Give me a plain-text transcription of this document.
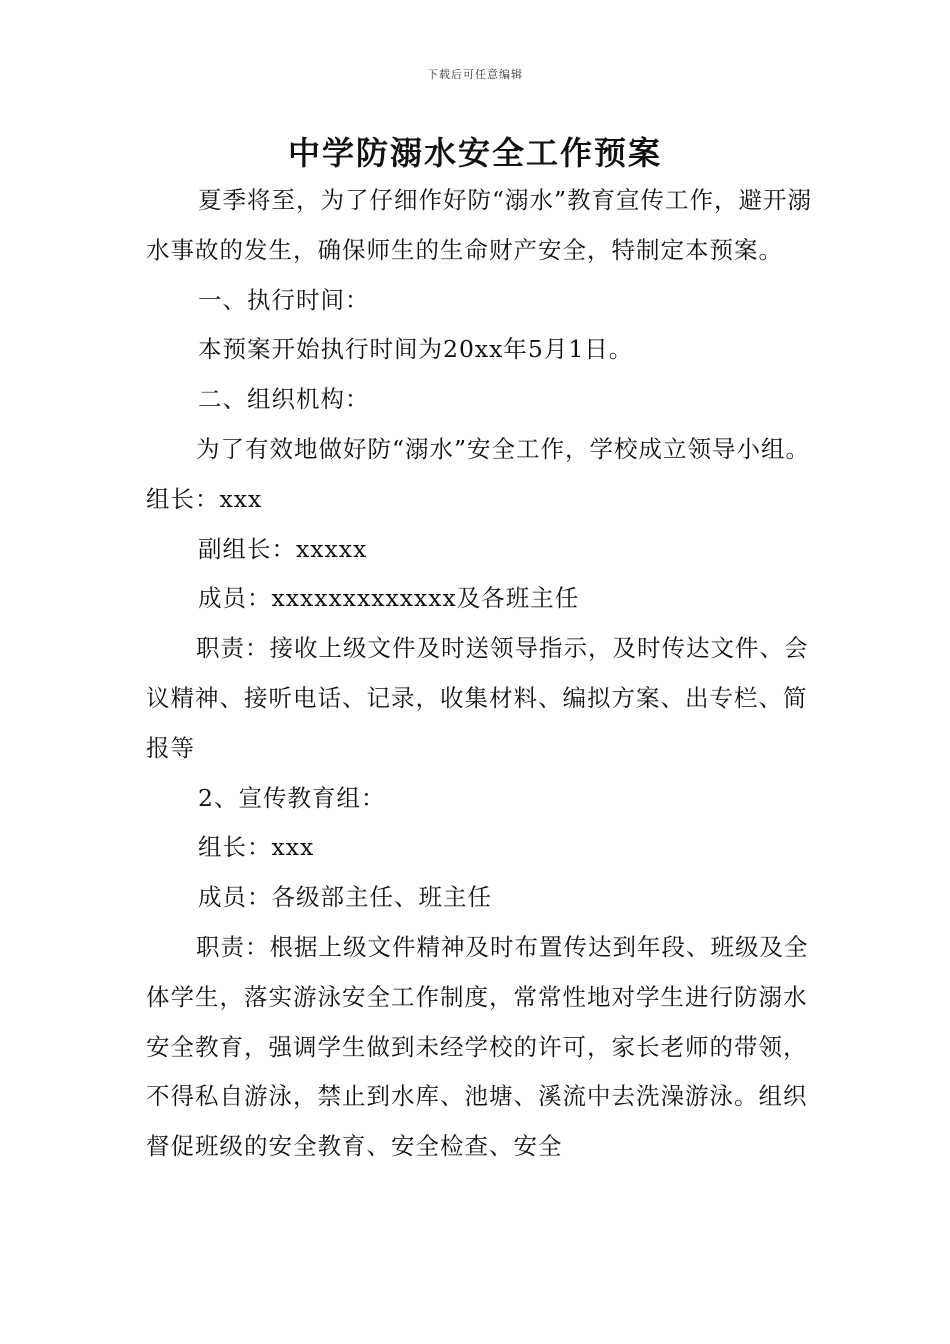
下载后可任意编辑
中学防溺水安全工作预案

夏季将至，为了仔细作好防“溺水”教育宣传工作，避开溺水事故的发生，确保师生的生命财产安全，特制定本预案。

一、执行时间：

本预案开始执行时间为20xx年5月1日。

二、组织机构：

为了有效地做好防“溺水”安全工作，学校成立领导小组。组长：xxx

副组长：xxxxx

成员：xxxxxxxxxxxxx及各班主任

职责：接收上级文件及时送领导指示，及时传达文件、会议精神、接听电话、记录，收集材料、编拟方案、出专栏、简报等

2、宣传教育组：

组长：xxx

成员：各级部主任、班主任

职责：根据上级文件精神及时布置传达到年段、班级及全体学生，落实游泳安全工作制度，常常性地对学生进行防溺水安全教育，强调学生做到未经学校的许可，家长老师的带领，不得私自游泳，禁止到水库、池塘、溪流中去洗澡游泳。组织督促班级的安全教育、安全检查、安全
